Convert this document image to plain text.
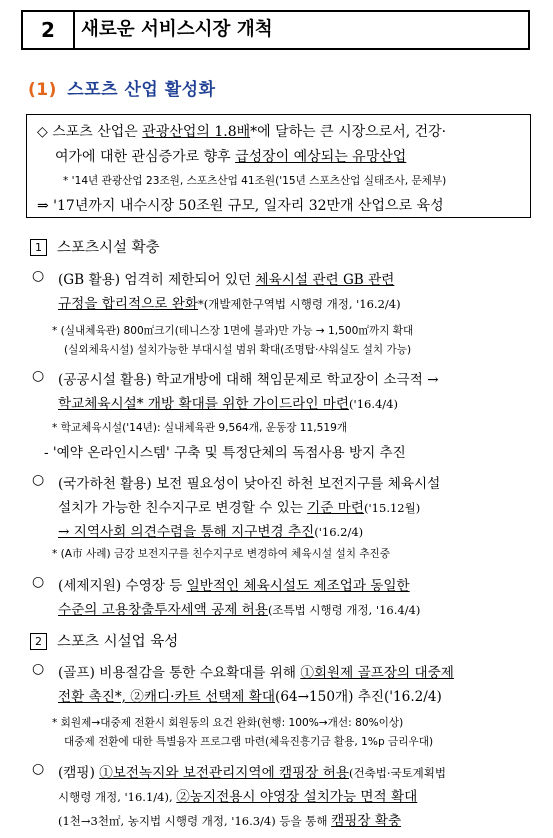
2	새로운 서비스시장 개척
(1) 스포츠 산업 활성화
◇ 스포츠 산업은 관광산업의 1.8배*에 달하는 큰 시장으로서, 건강·
여가에 대한 관심증가로 향후 급성장이 예상되는 유망산업
* '14년 관광산업 23조원, 스포츠산업 41조원('15년 스포츠산업 실태조사, 문체부)
⇒ '17년까지 내수시장 50조원 규모, 일자리 32만개 산업으로 육성
1 스포츠시설 확충
○ (GB 활용) 엄격히 제한되어 있던 체육시설 관련 GB 관련
규정을 합리적으로 완화*(개발제한구역법 시행령 개정, '16.2/4)
* (실내체육관) 800㎡크기(테니스장 1면에 불과)만 가능 → 1,500㎡까지 확대
(실외체육시설) 설치가능한 부대시설 범위 확대(조명탑·샤워실도 설치 가능)
○ (공공시설 활용) 학교개방에 대해 책임문제로 학교장이 소극적 →
학교체육시설* 개방 확대를 위한 가이드라인 마련('16.4/4)
* 학교체육시설('14년): 실내체육관 9,564개, 운동장 11,519개
- '예약 온라인시스템' 구축 및 특정단체의 독점사용 방지 추진
○ (국가하천 활용) 보전 필요성이 낮아진 하천 보전지구를 체육시설
설치가 가능한 친수지구로 변경할 수 있는 기준 마련('15.12월)
→ 지역사회 의견수렴을 통해 지구변경 추진('16.2/4)
* (A市 사례) 금강 보전지구를 친수지구로 변경하여 체육시설 설치 추진중
○ (세제지원) 수영장 등 일반적인 체육시설도 제조업과 동일한
수준의 고용창출투자세액 공제 허용(조특법 시행령 개정, '16.4/4)
2 스포츠 시설업 육성
○ (골프) 비용절감을 통한 수요확대를 위해 ①회원제 골프장의 대중제
전환 촉진*, ②캐디·카트 선택제 확대(64→150개) 추진('16.2/4)
* 회원제→대중제 전환시 회원동의 요건 완화(현행: 100%→개선: 80%이상)
대중제 전환에 대한 특별융자 프로그램 마련(체육진흥기금 활용, 1%p 금리우대)
○ (캠핑) ①보전녹지와 보전관리지역에 캠핑장 허용(건축법·국토계획법
시행령 개정, '16.1/4), ②농지전용시 야영장 설치가능 면적 확대
(1천→3천㎡, 농지법 시행령 개정, '16.3/4) 등을 통해 캠핑장 확충
